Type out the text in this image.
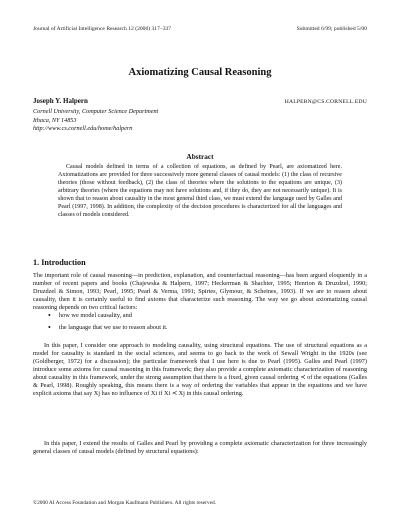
Journal of Artificial Intelligence Research 12 (2000) 317–337	Submitted 6/99; published 5/00
Axiomatizing Causal Reasoning
Joseph Y. Halpern	HALPERN@CS.CORNELL.EDU
Cornell University, Computer Science Department
Ithaca, NY 14853
http://www.cs.cornell.edu/home/halpern
Abstract
Causal models defined in terms of a collection of equations, as defined by Pearl, are axiomatized here. Axiomatizations are provided for three successively more general classes of causal models: (1) the class of recursive theories (those without feedback), (2) the class of theories where the solutions to the equations are unique, (3) arbitrary theories (where the equations may not have solutions and, if they do, they are not necessarily unique). It is shown that to reason about causality in the most general third class, we must extend the language used by Galles and Pearl (1997, 1998). In addition, the complexity of the decision procedures is characterized for all the languages and classes of models considered.
1. Introduction
The important role of causal reasoning—in prediction, explanation, and counterfactual reasoning—has been argued eloquently in a number of recent papers and books (Chajewska & Halpern, 1997; Heckerman & Shachter, 1995; Henrion & Druzdzel, 1990; Druzdzel & Simon, 1993; Pearl, 1995; Pearl & Verma, 1991; Spirtes, Glymour, & Scheines, 1993). If we are to reason about causality, then it is certainly useful to find axioms that characterize such reasoning. The way we go about axiomatizing causal reasoning depends on two critical factors:
• how we model causality, and
• the language that we use to reason about it.
In this paper, I consider one approach to modeling causality, using structural equations. The use of structural equations as a model for causality is standard in the social sciences, and seems to go back to the work of Sewall Wright in the 1920s (see (Goldberger, 1972) for a discussion); the particular framework that I use here is due to Pearl (1995). Galles and Pearl (1997) introduce some axioms for causal reasoning in this framework; they also provide a complete axiomatic characterization of reasoning about causality in this framework, under the strong assumption that there is a fixed, given causal ordering ≺ of the equations (Galles & Pearl, 1998). Roughly speaking, this means there is a way of ordering the variables that appear in the equations and we have explicit axioms that say Xj has no influence of Xi if Xi ≺ Xj in this causal ordering.
In this paper, I extend the results of Galles and Pearl by providing a complete axiomatic characterization for three increasingly general classes of causal models (defined by structural equations):
©2000 AI Access Foundation and Morgan Kaufmann Publishers. All rights reserved.
